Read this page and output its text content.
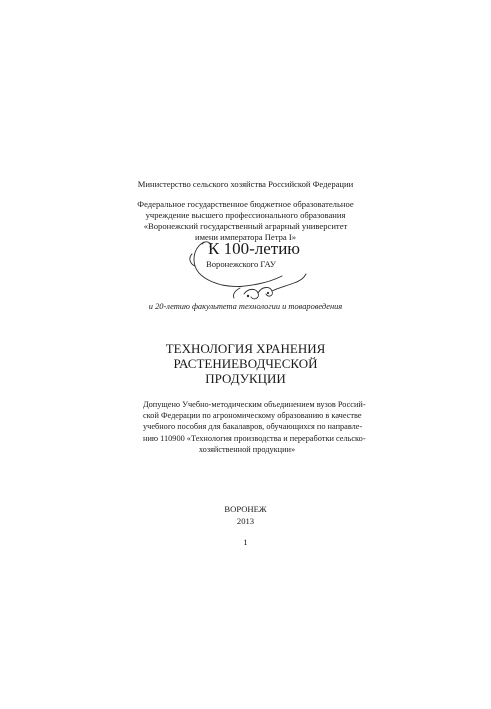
Министерство сельского хозяйства Российской Федерации
Федеральное государственное бюджетное образовательное
учреждение высшего профессионального образования
«Воронежский государственный аграрный университет
имени императора Петра I»
К 100-летию
Воронежского ГАУ
и 20-летию факультета технологии и товароведения
ТЕХНОЛОГИЯ ХРАНЕНИЯ
РАСТЕНИЕВОДЧЕСКОЙ
ПРОДУКЦИИ
Допущено Учебно-методическим объединением вузов Россий-
ской Федерации по агрономическому образованию в качестве
учебного пособия для бакалавров, обучающихся по направле-
нию 110900 «Технология производства и переработки сельско-
хозяйственной продукции»
ВОРОНЕЖ
2013
1
